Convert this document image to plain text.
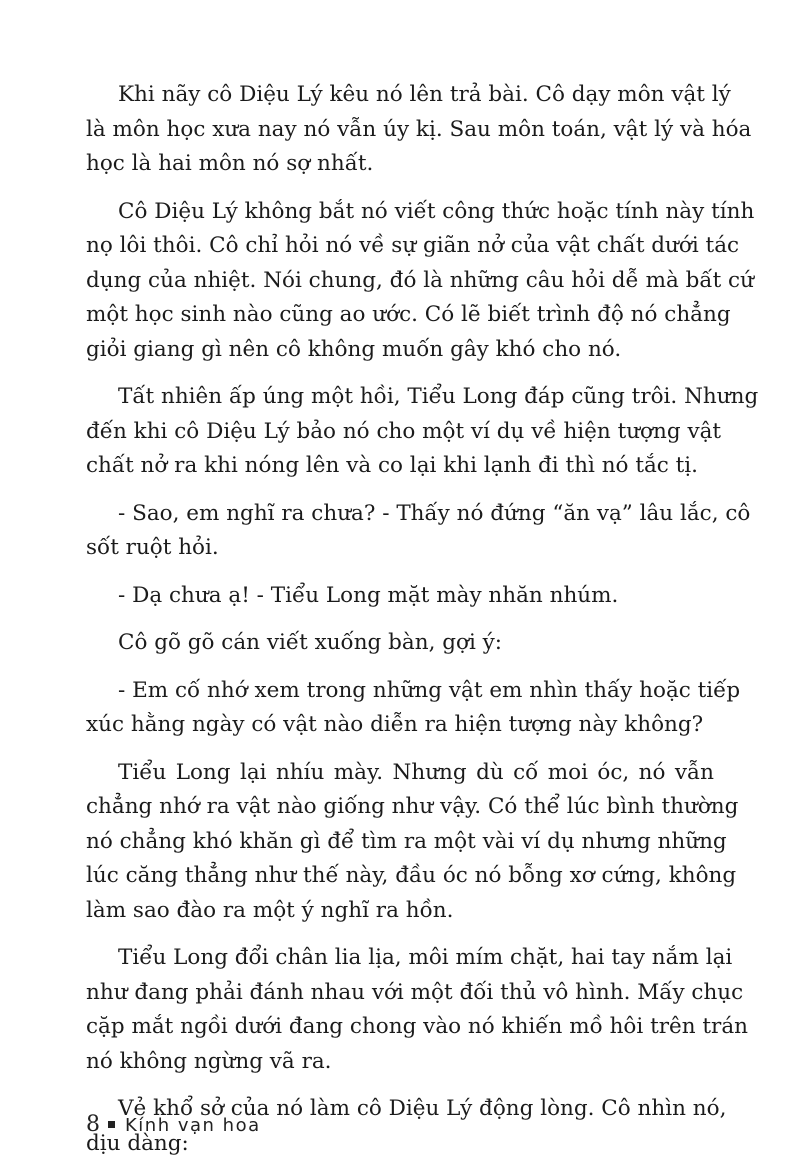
Khi nãy cô Diệu Lý kêu nó lên trả bài. Cô dạy môn vật lý
là môn học xưa nay nó vẫn úy kị. Sau môn toán, vật lý và hóa
học là hai môn nó sợ nhất.
Cô Diệu Lý không bắt nó viết công thức hoặc tính này tính
nọ lôi thôi. Cô chỉ hỏi nó về sự giãn nở của vật chất dưới tác
dụng của nhiệt. Nói chung, đó là những câu hỏi dễ mà bất cứ
một học sinh nào cũng ao ước. Có lẽ biết trình độ nó chẳng
giỏi giang gì nên cô không muốn gây khó cho nó.
Tất nhiên ấp úng một hồi, Tiểu Long đáp cũng trôi. Nhưng
đến khi cô Diệu Lý bảo nó cho một ví dụ về hiện tượng vật
chất nở ra khi nóng lên và co lại khi lạnh đi thì nó tắc tị.
- Sao, em nghĩ ra chưa? - Thấy nó đứng “ăn vạ” lâu lắc, cô
sốt ruột hỏi.
- Dạ chưa ạ! - Tiểu Long mặt mày nhăn nhúm.
Cô gõ gõ cán viết xuống bàn, gợi ý:
- Em cố nhớ xem trong những vật em nhìn thấy hoặc tiếp
xúc hằng ngày có vật nào diễn ra hiện tượng này không?
Tiểu Long lại nhíu mày. Nhưng dù cố moi óc, nó vẫn
chẳng nhớ ra vật nào giống như vậy. Có thể lúc bình thường
nó chẳng khó khăn gì để tìm ra một vài ví dụ nhưng những
lúc căng thẳng như thế này, đầu óc nó bỗng xơ cứng, không
làm sao đào ra một ý nghĩ ra hồn.
Tiểu Long đổi chân lia lịa, môi mím chặt, hai tay nắm lại
như đang phải đánh nhau với một đối thủ vô hình. Mấy chục
cặp mắt ngồi dưới đang chong vào nó khiến mồ hôi trên trán
nó không ngừng vã ra.
Vẻ khổ sở của nó làm cô Diệu Lý động lòng. Cô nhìn nó,
dịu dàng:
8 Kính vạn hoa
